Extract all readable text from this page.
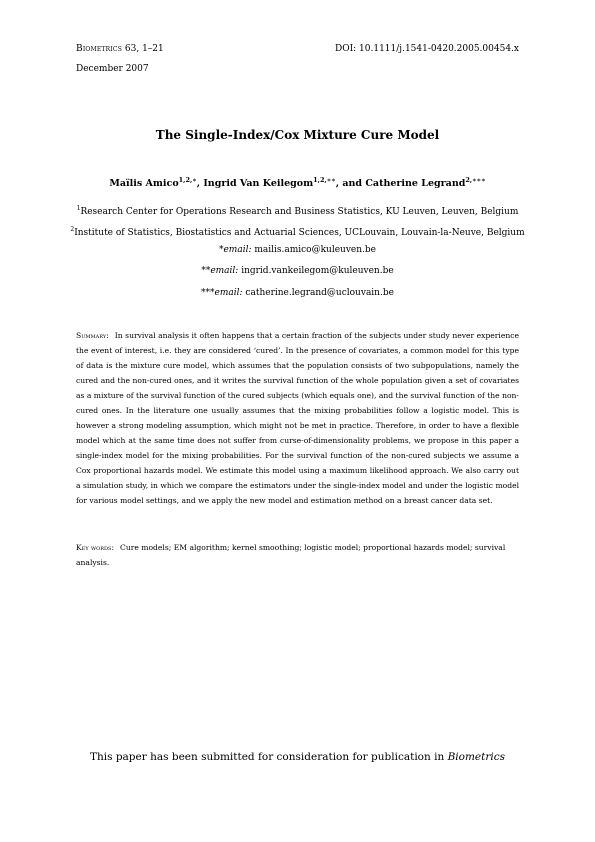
Biometrics 63, 1–21
December 2007
DOI: 10.1111/j.1541-0420.2005.00454.x
The Single-Index/Cox Mixture Cure Model
Maïlis Amico$^{1,2,∗}$, Ingrid Van Keilegom$^{1,2,∗∗}$, and Catherine Legrand$^{2,∗∗∗}$
$^1$Research Center for Operations Research and Business Statistics, KU Leuven, Leuven, Belgium
$^2$Institute of Statistics, Biostatistics and Actuarial Sciences, UCLouvain, Louvain-la-Neuve, Belgium
*email: mailis.amico@kuleuven.be
**email: ingrid.vankeilegom@kuleuven.be
***email: catherine.legrand@uclouvain.be
Summary: In survival analysis it often happens that a certain fraction of the subjects under study never experience the event of interest, i.e. they are considered ‘cured’. In the presence of covariates, a common model for this type of data is the mixture cure model, which assumes that the population consists of two subpopulations, namely the cured and the non-cured ones, and it writes the survival function of the whole population given a set of covariates as a mixture of the survival function of the cured subjects (which equals one), and the survival function of the non-cured ones. In the literature one usually assumes that the mixing probabilities follow a logistic model. This is however a strong modeling assumption, which might not be met in practice. Therefore, in order to have a flexible model which at the same time does not suffer from curse-of-dimensionality problems, we propose in this paper a single-index model for the mixing probabilities. For the survival function of the non-cured subjects we assume a Cox proportional hazards model. We estimate this model using a maximum likelihood approach. We also carry out a simulation study, in which we compare the estimators under the single-index model and under the logistic model for various model settings, and we apply the new model and estimation method on a breast cancer data set.
Key words: Cure models; EM algorithm; kernel smoothing; logistic model; proportional hazards model; survival analysis.
This paper has been submitted for consideration for publication in Biometrics
